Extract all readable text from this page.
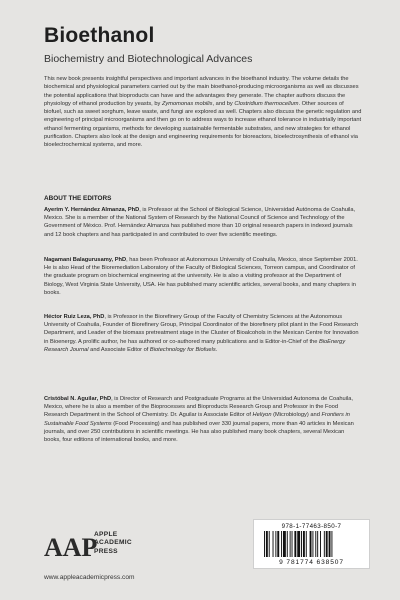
Bioethanol
Biochemistry and Biotechnological Advances
This new book presents insightful perspectives and important advances in the bioethanol industry. The volume details the biochemical and physiological parameters carried out by the main bioethanol-producing microorganisms as well as discusses the potential applications that bioproducts can have and the advantages they generate. The chapter authors discuss the physiology of ethanol production by yeasts, by Zymomonas mobilis, and by Clostridium thermocellum. Other sources of biofuel, such as sweet sorghum, leave waste, and fungi are explored as well. Chapters also discuss the genetic regulation and engineering of principal microorganisms and then go on to address ways to increase ethanol tolerance in industrially important ethanol fermenting organisms, methods for developing sustainable fermentable substrates, and new strategies for ethanol purification. Chapters also look at the design and engineering requirements for bioreactors, bioelectrosynthesis of ethanol via bioelectrochemical systems, and more.
ABOUT THE EDITORS
Ayerim Y. Hernández Almanza, PhD, is Professor at the School of Biological Science, Universidad Autónoma de Coahuila, Mexico. She is a member of the National System of Research by the National Council of Science and Technology of the Government of México. Prof. Hernández Almanza has published more than 10 original research papers in indexed journals and 12 book chapters and has participated in and contributed to over five scientific meetings.
Nagamani Balagurusamy, PhD, has been Professor at Autonomous University of Coahuila, Mexico, since September 2001. He is also Head of the Bioremediation Laboratory of the Faculty of Biological Sciences, Torreon campus, and Coordinator of the graduate program on biochemical engineering at the university. He is also a visiting professor at the Department of Biology, West Virginia State University, USA. He has published many scientific articles, several books, and many chapters in books.
Héctor Ruiz Leza, PhD, is Professor in the Biorefinery Group of the Faculty of Chemistry Sciences at the Autonomous University of Coahuila, Founder of Biorefinery Group, Principal Coordinator of the biorefinery pilot plant in the Food Research Department, and Leader of the biomass pretreatment stage in the Cluster of Bioalcohols in the Mexican Centre for Innovation in Bioenergy. A prolific author, he has authored or co-authored many publications and is Editor-in-Chief of the BioEnergy Research Journal and Associate Editor of Biotechnology for Biofuels.
Cristóbal N. Aguilar, PhD, is Director of Research and Postgraduate Programs at the Universidad Autonoma de Coahuila, Mexico, where he is also a member of the Bioprocesses and Bioproducts Research Group and Professor in the Food Research Department in the School of Chemistry. Dr. Aguilar is Associate Editor of Heliyon (Microbiology) and Frontiers in Sustainable Food Systems (Food Processing) and has published over 330 journal papers, more than 40 articles in Mexican journals, and over 250 contributions in scientific meetings. He has also published many book chapters, several Mexican books, four editions of international books, and more.
AAP
APPLE
ACADEMIC
PRESS
www.appleacademicpress.com
978-1-77463-850-7
9 781774 638507
